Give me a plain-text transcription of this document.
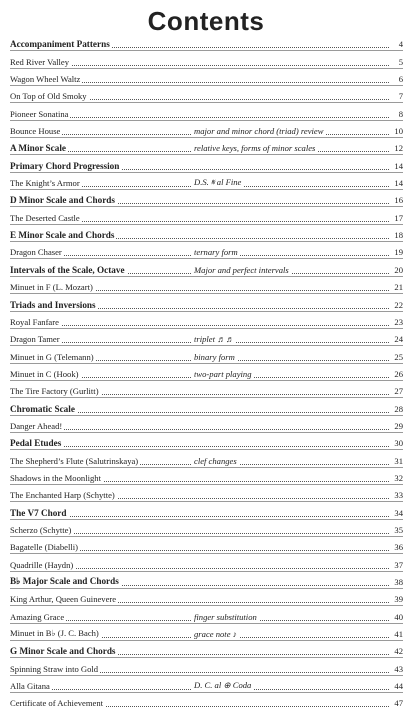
Contents
Accompaniment Patterns	4
Red River Valley	5
Wagon Wheel Waltz	6
On Top of Old Smoky	7
Pioneer Sonatina	8
Bounce House	major and minor chord (triad) review	10
A Minor Scale	relative keys, forms of minor scales	12
Primary Chord Progression	14
The Knight’s Armor	D.S. 𝄋 al Fine	14
D Minor Scale and Chords	16
The Deserted Castle	17
E Minor Scale and Chords	18
Dragon Chaser	ternary form	19
Intervals of the Scale, Octave	Major and perfect intervals	20
Minuet in F (L. Mozart)	21
Triads and Inversions	22
Royal Fanfare	23
Dragon Tamer	triplet ♬♬	24
Minuet in G (Telemann)	binary form	25
Minuet in C (Hook)	two-part playing	26
The Tire Factory (Gurlitt)	27
Chromatic Scale	28
Danger Ahead!	29
Pedal Etudes	30
The Shepherd’s Flute (Salutrinskaya)	clef changes	31
Shadows in the Moonlight	32
The Enchanted Harp (Schytte)	33
The V7 Chord	34
Scherzo (Schytte)	35
Bagatelle (Diabelli)	36
Quadrille (Haydn)	37
B♭ Major Scale and Chords	38
King Arthur, Queen Guinevere	39
Amazing Grace	finger substitution	40
Minuet in B♭ (J. C. Bach)	grace note ♪	41
G Minor Scale and Chords	42
Spinning Straw into Gold	43
Alla Gitana	D. C. al ⊕ Coda	44
Certificate of Achievement	47
